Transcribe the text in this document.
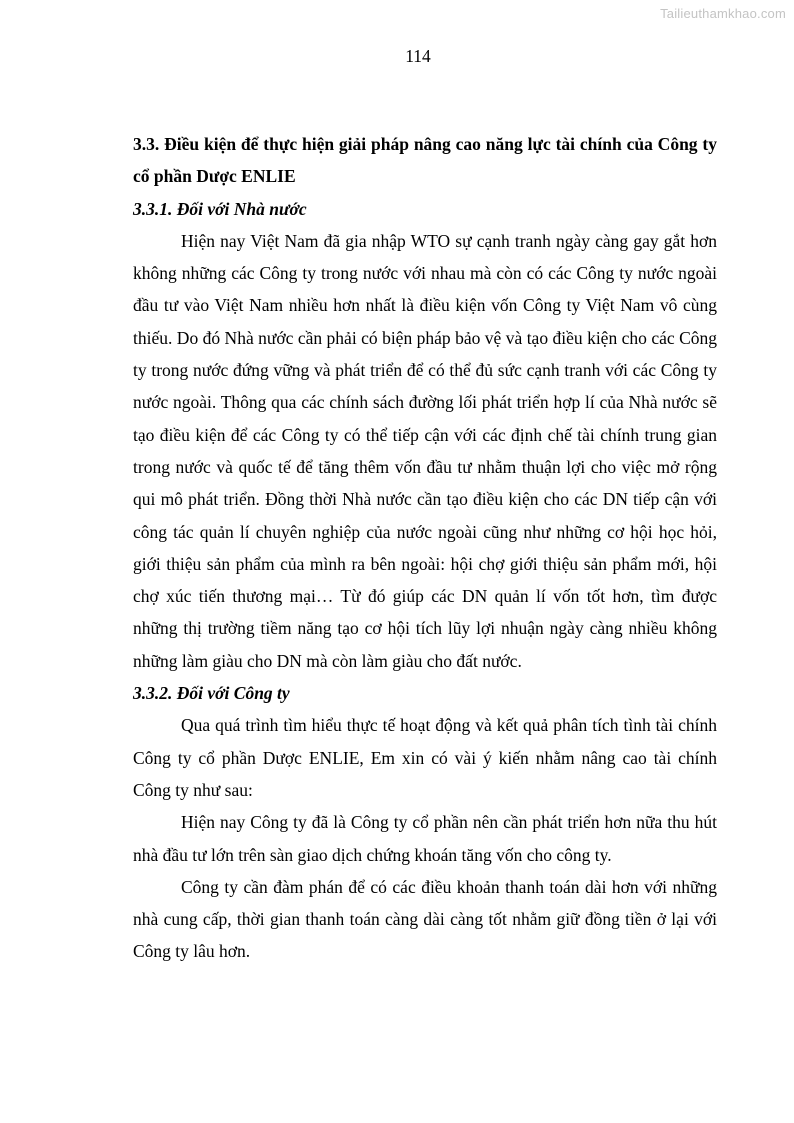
Tailieuthamkhao.com
114

3.3. Điều kiện để thực hiện giải pháp nâng cao năng lực tài chính của Công ty cổ phần Dược ENLIE

3.3.1. Đối với Nhà nước

Hiện nay Việt Nam đã gia nhập WTO sự cạnh tranh ngày càng gay gắt hơn không những các Công ty trong nước với nhau mà còn có các Công ty nước ngoài đầu tư vào Việt Nam nhiều hơn nhất là điều kiện vốn Công ty Việt Nam vô cùng thiếu. Do đó Nhà nước cần phải có biện pháp bảo vệ và tạo điều kiện cho các Công ty trong nước đứng vững và phát triển để có thể đủ sức cạnh tranh với các Công ty nước ngoài. Thông qua các chính sách đường lối phát triển hợp lí của Nhà nước sẽ tạo điều kiện để các Công ty có thể tiếp cận với các định chế tài chính trung gian trong nước và quốc tế để tăng thêm vốn đầu tư nhằm thuận lợi cho việc mở rộng qui mô phát triển. Đồng thời Nhà nước cần tạo điều kiện cho các DN tiếp cận với công tác quản lí chuyên nghiệp của nước ngoài cũng như những cơ hội học hỏi, giới thiệu sản phẩm của mình ra bên ngoài: hội chợ giới thiệu sản phẩm mới, hội chợ xúc tiến thương mại… Từ đó giúp các DN quản lí vốn tốt hơn, tìm được những thị trường tiềm năng tạo cơ hội tích lũy lợi nhuận ngày càng nhiều không những làm giàu cho DN mà còn làm giàu cho đất nước.

3.3.2. Đối với Công ty

Qua quá trình tìm hiểu thực tế hoạt động và kết quả phân tích tình tài chính Công ty cổ phần Dược ENLIE, Em xin có vài ý kiến nhằm nâng cao tài chính Công ty như sau:

Hiện nay Công ty đã là Công ty cổ phần nên cần phát triển hơn nữa thu hút nhà đầu tư lớn trên sàn giao dịch chứng khoán tăng vốn cho công ty.

Công ty cần đàm phán để có các điều khoản thanh toán dài hơn với những nhà cung cấp, thời gian thanh toán càng dài càng tốt nhằm giữ đồng tiền ở lại với Công ty lâu hơn.
